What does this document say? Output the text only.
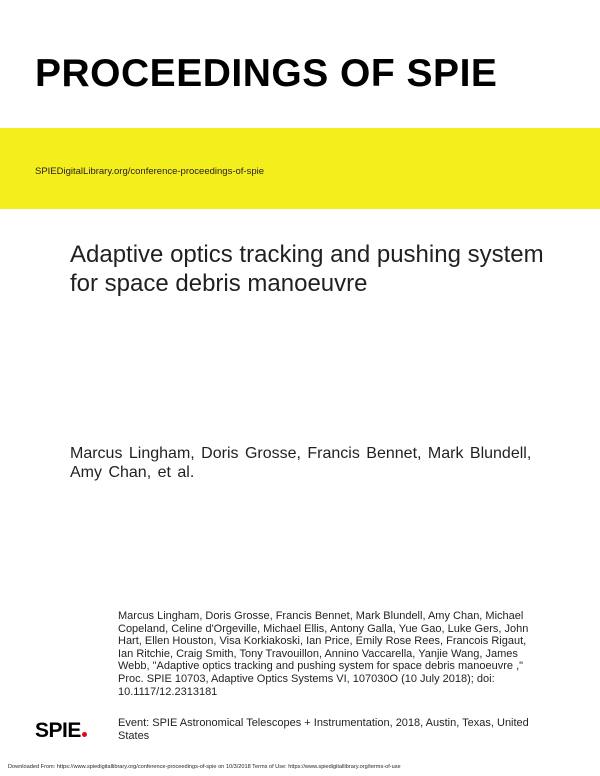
PROCEEDINGS OF SPIE
SPIEDigitalLibrary.org/conference-proceedings-of-spie
Adaptive optics tracking and pushing system for space debris manoeuvre

Marcus Lingham, Doris Grosse, Francis Bennet, Mark Blundell, Amy Chan, et al.

Marcus Lingham, Doris Grosse, Francis Bennet, Mark Blundell, Amy Chan, Michael Copeland, Celine d'Orgeville, Michael Ellis, Antony Galla, Yue Gao, Luke Gers, John Hart, Ellen Houston, Visa Korkiakoski, Ian Price, Emily Rose Rees, Francois Rigaut, Ian Ritchie, Craig Smith, Tony Travouillon, Annino Vaccarella, Yanjie Wang, James Webb, "Adaptive optics tracking and pushing system for space debris manoeuvre ," Proc. SPIE 10703, Adaptive Optics Systems VI, 107030O (10 July 2018); doi: 10.1117/12.2313181

SPIE	Event: SPIE Astronomical Telescopes + Instrumentation, 2018, Austin, Texas, United States

Downloaded From: https://www.spiedigitallibrary.org/conference-proceedings-of-spie on 10/3/2018 Terms of Use: https://www.spiedigitallibrary.org/terms-of-use
